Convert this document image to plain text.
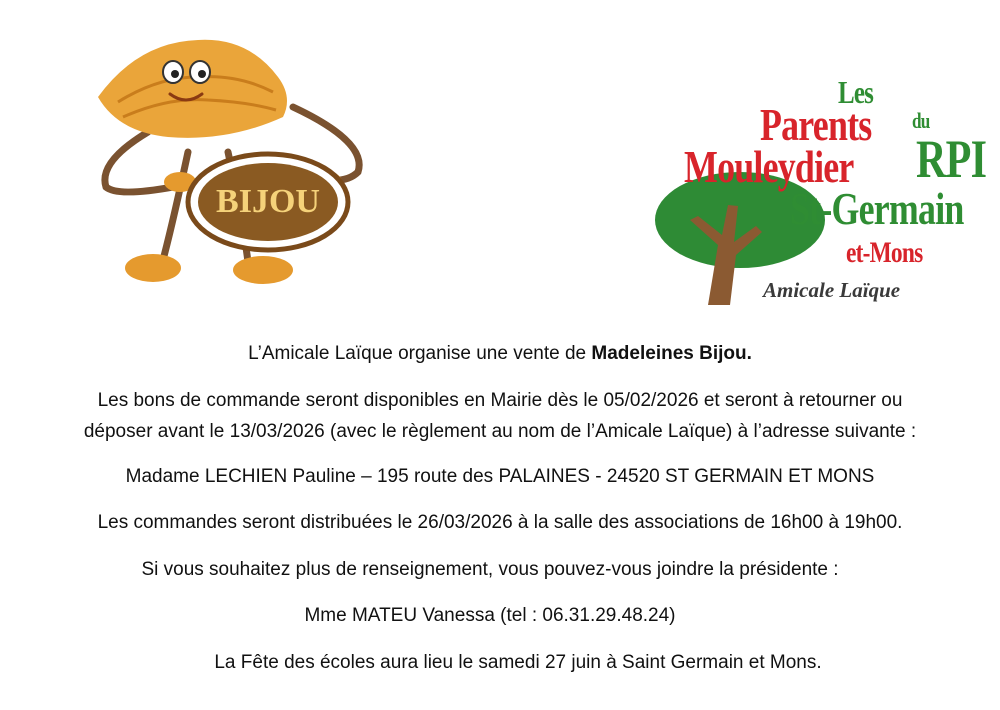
BIJOU
Les
Parents du
Mouleydier RPI
St-Germain
et-Mons
Amicale Laïque
L’Amicale Laïque organise une vente de Madeleines Bijou.
Les bons de commande seront disponibles en Mairie dès le 05/02/2026 et seront à retourner ou
déposer avant le 13/03/2026 (avec le règlement au nom de l’Amicale Laïque) à l’adresse suivante :
Madame LECHIEN Pauline – 195 route des PALAINES - 24520 ST GERMAIN ET MONS
Les commandes seront distribuées le 26/03/2026 à la salle des associations de 16h00 à 19h00.
Si vous souhaitez plus de renseignement, vous pouvez-vous joindre la présidente :
Mme MATEU Vanessa (tel : 06.31.29.48.24)
La Fête des écoles aura lieu le samedi 27 juin à Saint Germain et Mons.
